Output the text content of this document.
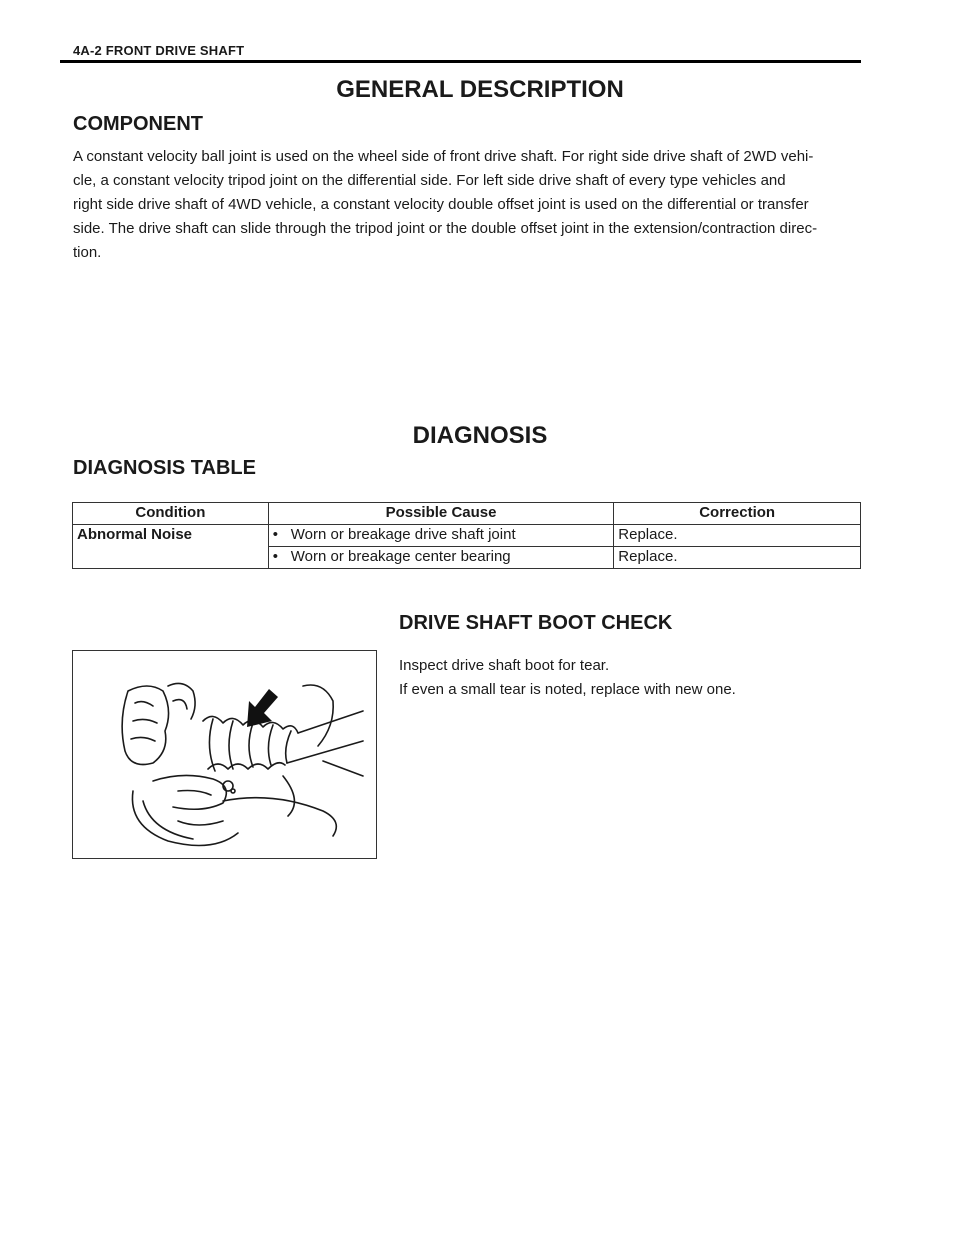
4A-2 FRONT DRIVE SHAFT
GENERAL DESCRIPTION
COMPONENT
A constant velocity ball joint is used on the wheel side of front drive shaft. For right side drive shaft of 2WD vehi-
cle, a constant velocity tripod joint on the differential side. For left side drive shaft of every type vehicles and
right side drive shaft of 4WD vehicle, a constant velocity double offset joint is used on the differential or transfer
side. The drive shaft can slide through the tripod joint or the double offset joint in the extension/contraction direc-
tion.
DIAGNOSIS
DIAGNOSIS TABLE
Condition	Possible Cause	Correction
Abnormal Noise	• Worn or breakage drive shaft joint	Replace.
	• Worn or breakage center bearing	Replace.
DRIVE SHAFT BOOT CHECK

Inspect drive shaft boot for tear.

If even a small tear is noted, replace with new one.
